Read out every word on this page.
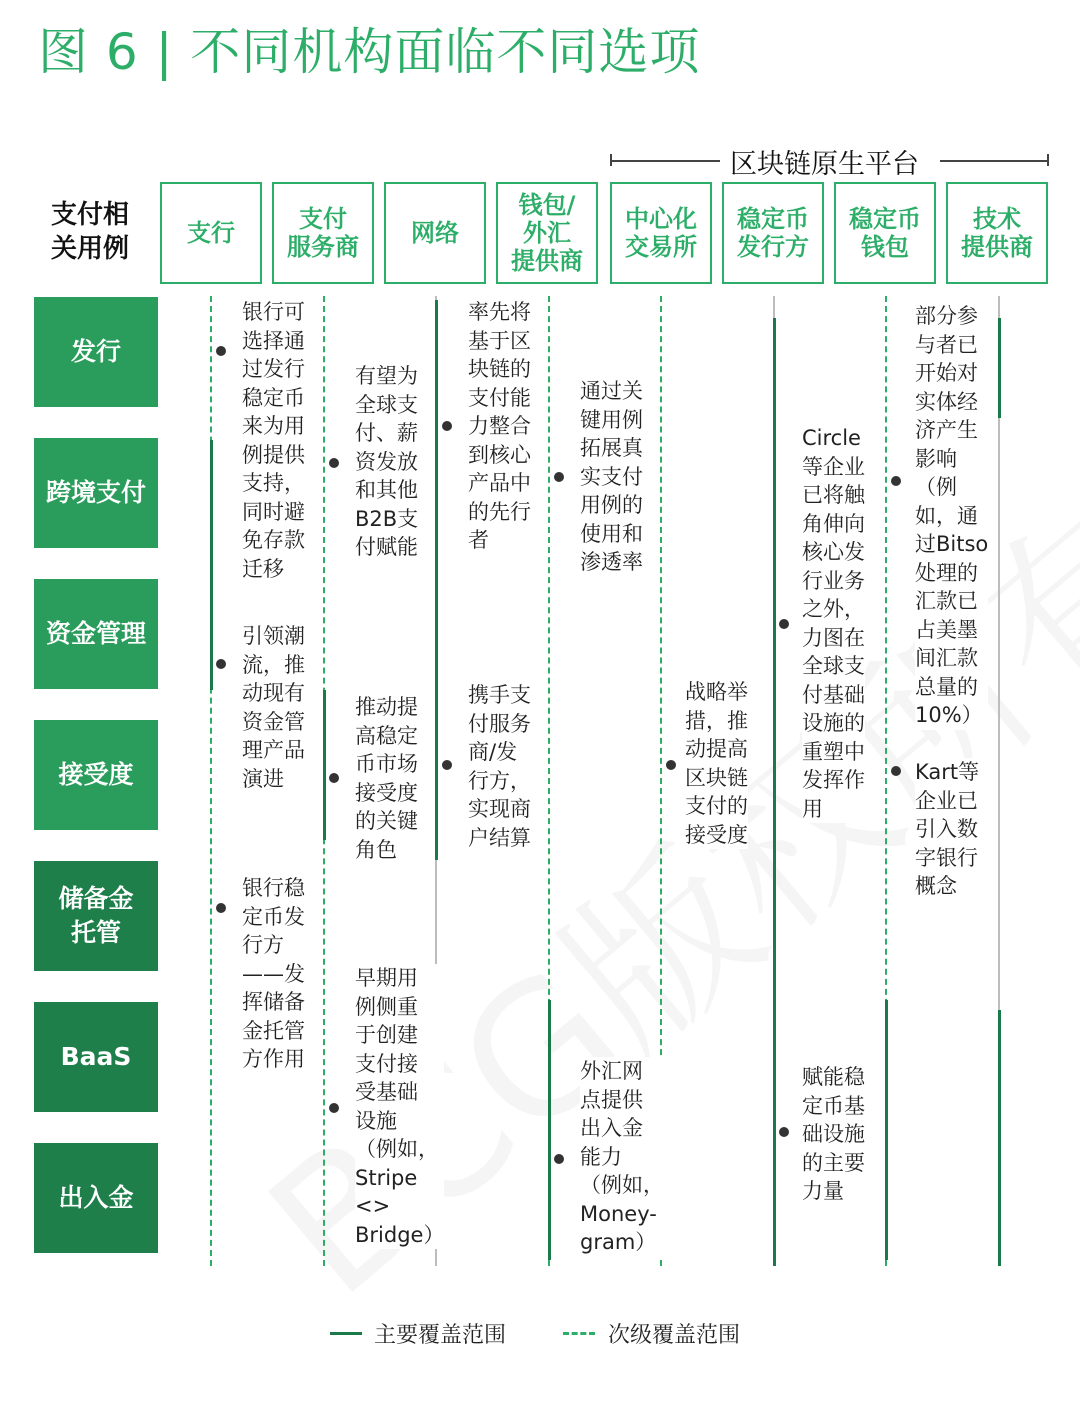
图 6 | 不同机构面临不同选项
区块链原生平台
支付相
关用例
支行	支付
服务商 网络
钱包/
外汇
提供商
中心化
交易所
稳定币
发行方
稳定币
钱包
技术
提供商
发行
跨境支付
资金管理
接受度
储备金
托管
BaaS
出入金
银行可
选择通
过发行
稳定币
来为用
例提供
支持，
同时避
免存款
迁移
引领潮
流，推
动现有
资金管
理产品
演进
银行稳
定币发
行方
——发
挥储备
金托管
方作用
有望为
全球支
付、薪
资发放
和其他
B2B支
付赋能
推动提
高稳定
币市场
接受度
的关键
角色
早期用
例侧重
于创建
支付接
受基础
设施
（例如，
Stripe
<>
Bridge）
率先将
基于区
块链的
支付能
力整合
到核心
产品中
的先行
者
携手支
付服务
商/发
行方，
实现商
户结算
通过关
键用例
拓展真
实支付
用例的
使用和
渗透率
外汇网
点提供
出入金
能力
（例如，
Money-
gram）
战略举
措，推
动提高
区块链
支付的
接受度
Circle
等企业
已将触
角伸向
核心发
行业务
之外，
力图在
全球支
付基础
设施的
重塑中
发挥作
用
赋能稳
定币基
础设施
的主要
力量
部分参
与者已
开始对
实体经
济产生
影响
（例
如，通
过Bitso
处理的
汇款已
占美墨
间汇款
总量的
10%）
Kart等
企业已
引入数
字银行
概念
主要覆盖范围	次级覆盖范围
